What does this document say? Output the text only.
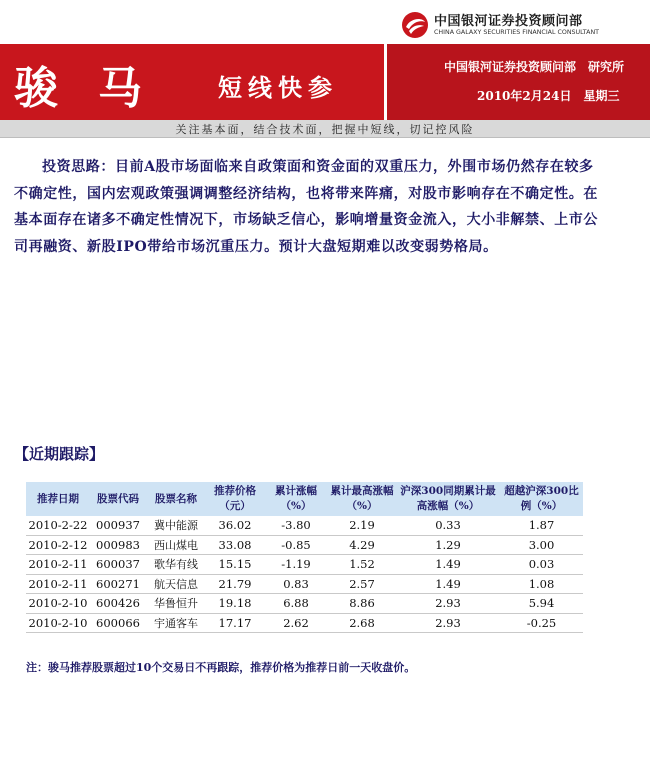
中国银河证券投资顾问部
CHINA GALAXY SECURITIES FINANCIAL CONSULTANT
骏马 短线快参
中国银河证券投资顾问部　研究所
2010年2月24日　星期三
关注基本面，结合技术面，把握中短线，切记控风险
投资思路：目前A股市场面临来自政策面和资金面的双重压力，外围市场仍然存在较多不确定性，国内宏观政策强调调整经济结构，也将带来阵痛，对股市影响存在不确定性。在基本面存在诸多不确定性情况下，市场缺乏信心，影响增量资金流入，大小非解禁、上市公司再融资、新股IPO带给市场沉重压力。预计大盘短期难以改变弱势格局。
【近期跟踪】
推荐日期	股票代码	股票名称	推荐价格（元）	累计涨幅（%）	累计最高涨幅（%）	沪深300同期累计最高涨幅（%）	超越沪深300比例（%）
2010-2-22	000937	冀中能源	36.02	-3.80	2.19	0.33	1.87
2010-2-12	000983	西山煤电	33.08	-0.85	4.29	1.29	3.00
2010-2-11	600037	歌华有线	15.15	-1.19	1.52	1.49	0.03
2010-2-11	600271	航天信息	21.79	0.83	2.57	1.49	1.08
2010-2-10	600426	华鲁恒升	19.18	6.88	8.86	2.93	5.94
2010-2-10	600066	宇通客车	17.17	2.62	2.68	2.93	-0.25
注：骏马推荐股票超过10个交易日不再跟踪，推荐价格为推荐日前一天收盘价。
